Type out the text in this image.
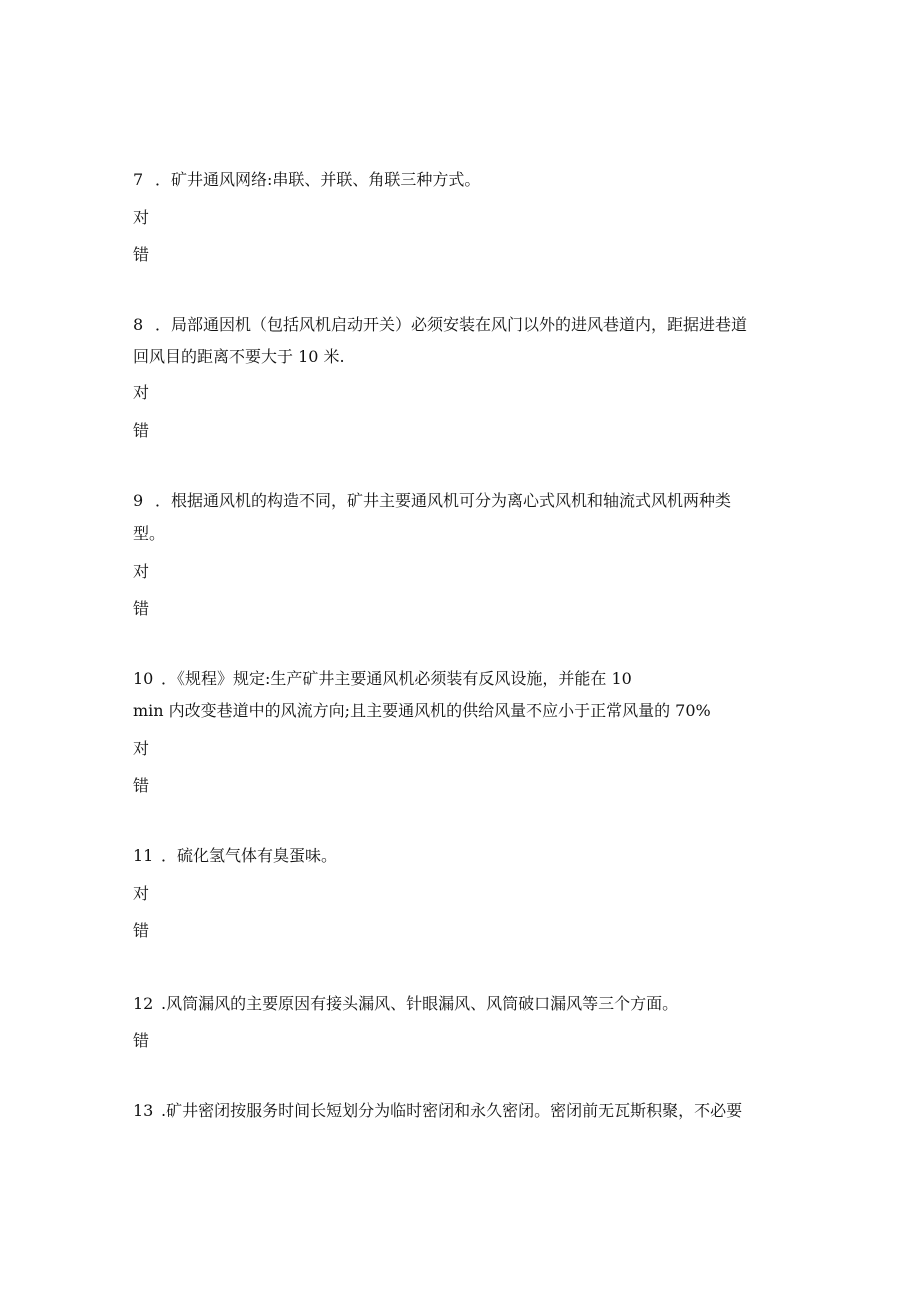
7 ．矿井通风网络:串联、并联、角联三种方式。
对
错
8 ．局部通因机（包括风机启动开关）必须安装在风门以外的进风巷道内，距据进巷道
回风目的距离不要大于 10 米.
对
错
9 ．根据通风机的构造不同，矿井主要通风机可分为离心式风机和轴流式风机两种类
型。
对
错
10 ．《规程》规定:生产矿井主要通风机必须装有反风设施，并能在 10
min 内改变巷道中的风流方向;且主要通风机的供给风量不应小于正常风量的 70%
对
错
11 ．硫化氢气体有臭蛋味。
对
错
12 .风筒漏风的主要原因有接头漏风、针眼漏风、风筒破口漏风等三个方面。
错
13 .矿井密闭按服务时间长短划分为临时密闭和永久密闭。密闭前无瓦斯积聚，不必要
